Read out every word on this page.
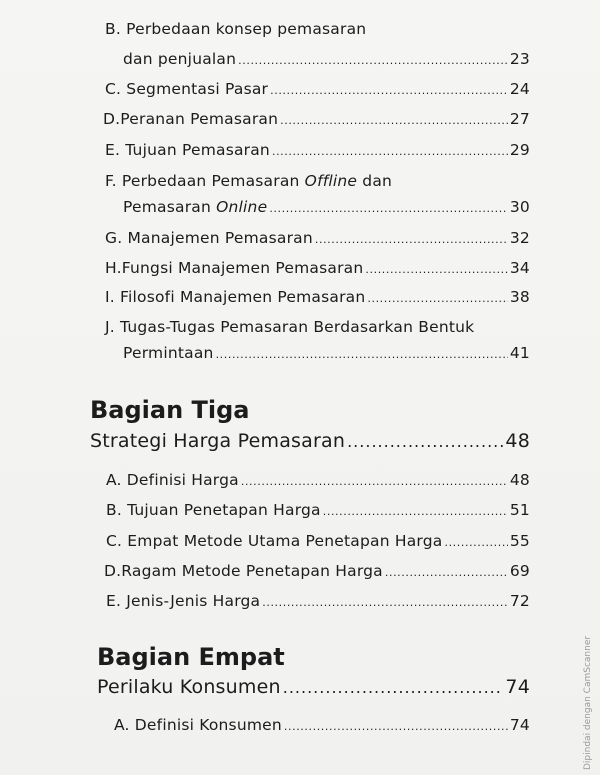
B. Perbedaan konsep pemasaran
dan penjualan .....	23
C. Segmentasi Pasar .....	24
D.Peranan Pemasaran .....	27
E. Tujuan Pemasaran .....	29
F. Perbedaan Pemasaran Offline dan
Pemasaran Online .....	30
G. Manajemen Pemasaran .....	32
H.Fungsi Manajemen Pemasaran .....	34
I. Filosofi Manajemen Pemasaran .....	38
J. Tugas-Tugas Pemasaran Berdasarkan Bentuk
Permintaan .....	41
Bagian Tiga
Strategi Harga Pemasaran .....	48
A. Definisi Harga .....	48
B. Tujuan Penetapan Harga .....	51
C. Empat Metode Utama Penetapan Harga .....	55
D.Ragam Metode Penetapan Harga .....	69
E. Jenis-Jenis Harga .....	72
Bagian Empat
Perilaku Konsumen .....	74
A. Definisi Konsumen .....	74	Dipindai dengan CamScanner
